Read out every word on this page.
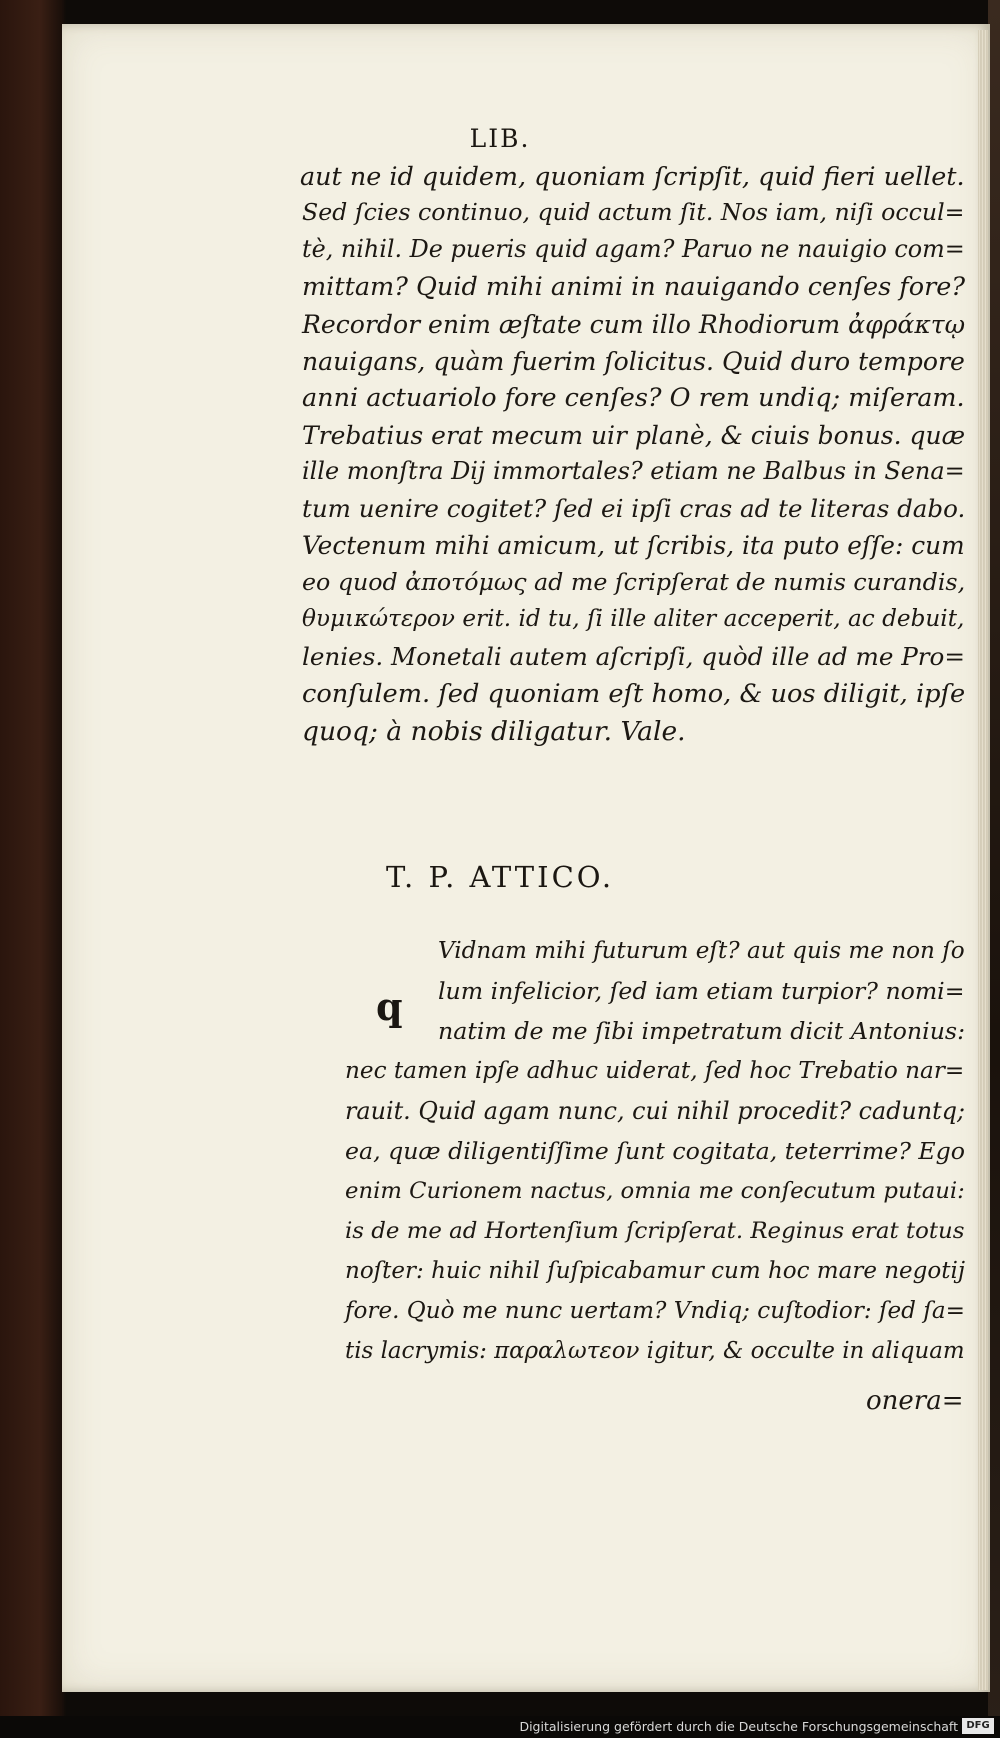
LIB.
aut ne id quidem, quoniam ſcripſit, quid fieri uellet.
Sed ſcies continuo, quid actum ſit. Nos iam, niſi occul=
tè, nihil. De pueris quid agam? Paruo ne nauigio com=
mittam? Quid mihi animi in nauigando cenſes fore?
Recordor enim æſtate cum illo Rhodiorum ἀφράκτῳ
nauigans, quàm fuerim ſolicitus. Quid duro tempore
anni actuariolo fore cenſes? O rem undiq; miſeram.
Trebatius erat mecum uir planè, & ciuis bonus. quæ
ille monſtra Dij immortales? etiam ne Balbus in Sena=
tum uenire cogitet? ſed ei ipſi cras ad te literas dabo.
Vectenum mihi amicum, ut ſcribis, ita puto eſſe: cum
eo quod ἀποτόμως ad me ſcripſerat de numis curandis,
θυμικώτερον erit. id tu, ſi ille aliter acceperit, ac debuit,
lenies. Monetali autem aſcripſi, quòd ille ad me Pro=
conſulem. ſed quoniam eſt homo, & uos diligit, ipſe
quoq; à nobis diligatur. Vale.
T. P. ATTICO.
q
Vidnam mihi futurum eſt? aut quis me non ſo
lum infelicior, ſed iam etiam turpior? nomi=
natim de me ſibi impetratum dicit Antonius:
nec tamen ipſe adhuc uiderat, ſed hoc Trebatio nar=
rauit. Quid agam nunc, cui nihil procedit? caduntq;
ea, quæ diligentiſſime ſunt cogitata, teterrime? Ego
enim Curionem nactus, omnia me conſecutum putaui:
is de me ad Hortenſium ſcripſerat. Reginus erat totus
noſter: huic nihil ſuſpicabamur cum hoc mare negotij
fore. Quò me nunc uertam? Vndiq; cuſtodior: ſed ſa=
tis lacrymis: παραλωτεον igitur, & occulte in aliquam
onera=
Digitalisierung gefördert durch die Deutsche Forschungsgemeinschaft DFG
